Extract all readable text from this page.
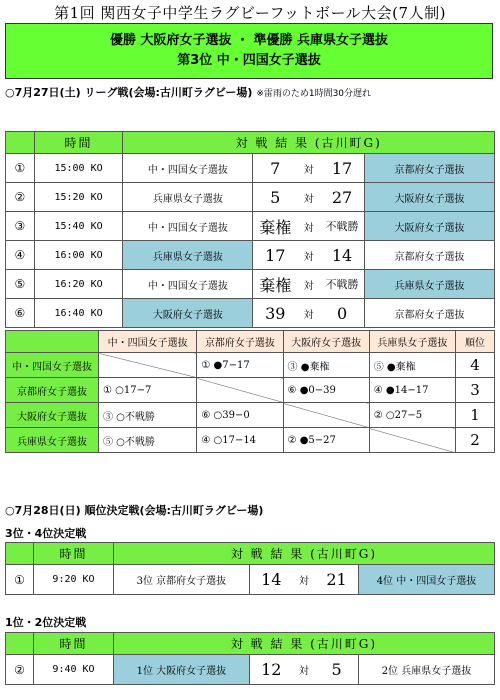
第1回 関西女子中学生ラグビーフットボール大会(7人制)
優勝 大阪府女子選抜 ・ 準優勝 兵庫県女子選抜
第3位 中・四国女子選抜
○7月27日(土) リーグ戦(会場:古川町ラグビー場) ※雷雨のため1時間30分遅れ
	時間	対 戦 結 果 (古川町G)				
①	15:00 KO	中・四国女子選抜	7	対	17	京都府女子選抜
②	15:20 KO	兵庫県女子選抜	5	対	27	大阪府女子選抜
③	15:40 KO	中・四国女子選抜	棄権	対	不戦勝	大阪府女子選抜
④	16:00 KO	兵庫県女子選抜	17	対	14	京都府女子選抜
⑤	16:20 KO	中・四国女子選抜	棄権	対	不戦勝	兵庫県女子選抜
⑥	16:40 KO	大阪府女子選抜	39	対	0	京都府女子選抜
	中・四国女子選抜	京都府女子選抜	大阪府女子選抜	兵庫県女子選抜	順位
中・四国女子選抜		① ●7−17	③ ●棄権	⑤ ●棄権	4
京都府女子選抜	① ○17−7		⑥ ●0−39	④ ●14−17	3
大阪府女子選抜	③ ○不戦勝	⑥ ○39−0		② ○27−5	1
兵庫県女子選抜	⑤ ○不戦勝	④ ○17−14	② ●5−27		2
○7月28日(日) 順位決定戦(会場:古川町ラグビー場)
3位・4位決定戦
	時間	対 戦 結 果 (古川町G)				
①	9:20 KO	3位 京都府女子選抜	14	対	21	4位 中・四国女子選抜
1位・2位決定戦
	時間	対 戦 結 果 (古川町G)				
②	9:40 KO	1位 大阪府女子選抜	12	対	5	2位 兵庫県女子選抜
